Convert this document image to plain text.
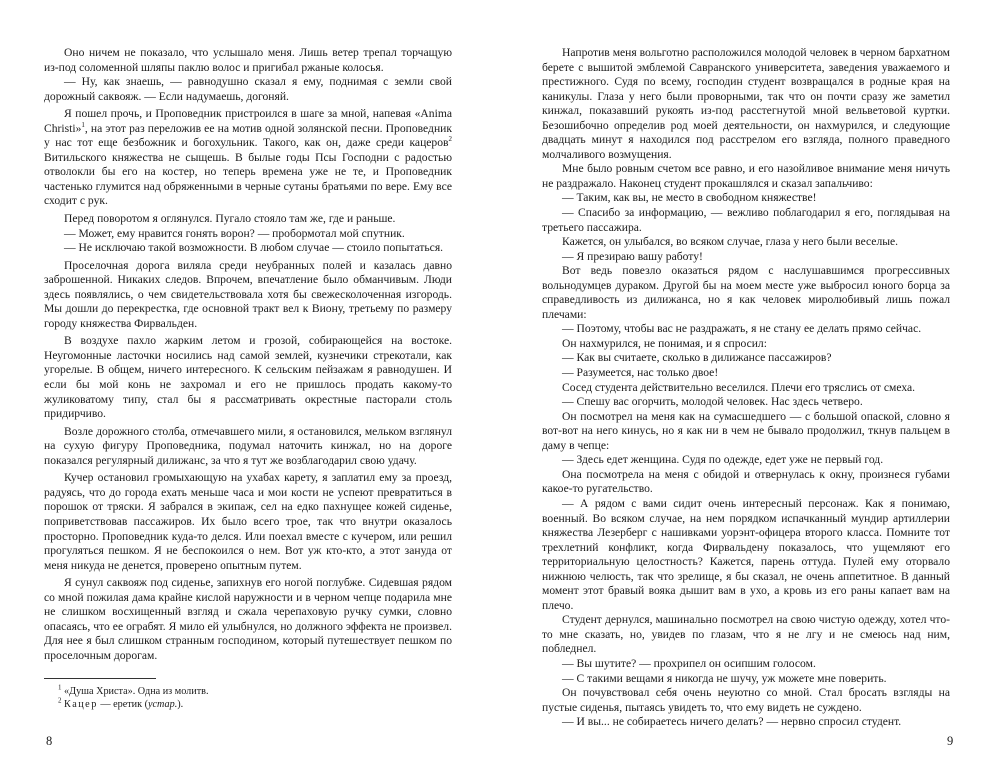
Оно ничем не показало, что услышало меня. Лишь ветер трепал торчащую из-под соломенной шляпы паклю волос и пригибал ржаные колосья.

— Ну, как знаешь, — равнодушно сказал я ему, поднимая с земли свой дорожный саквояж. — Если надумаешь, догоняй.

Я пошел прочь, и Проповедник пристроился в шаге за мной, напевая «Anima Christi»$^1$, на этот раз переложив ее на мотив одной золянской песни. Проповедник у нас тот еще безбожник и богохульник. Такого, как он, даже среди кацеров$^2$ Витильского княжества не сыщешь. В былые годы Псы Господни с радостью отволокли бы его на костер, но теперь времена уже не те, и Проповедник частенько глумится над обряженными в черные сутаны братьями по вере. Ему все сходит с рук.

Перед поворотом я оглянулся. Пугало стояло там же, где и раньше.

— Может, ему нравится гонять ворон? — пробормотал мой спутник.

— Не исключаю такой возможности. В любом случае — стоило попытаться.

Проселочная дорога виляла среди неубранных полей и казалась давно заброшенной. Никаких следов. Впрочем, впечатление было обманчивым. Люди здесь появлялись, о чем свидетельствовала хотя бы свежесколоченная изгородь. Мы дошли до перекрестка, где основной тракт вел к Виону, третьему по размеру городу княжества Фирвальден.

В воздухе пахло жарким летом и грозой, собирающейся на востоке. Неугомонные ласточки носились над самой землей, кузнечики стрекотали, как угорелые. В общем, ничего интересного. К сельским пейзажам я равнодушен. И если бы мой конь не захромал и его не пришлось продать какому-то жуликоватому типу, стал бы я рассматривать окрестные пасторали столь придирчиво.

Возле дорожного столба, отмечавшего мили, я остановился, мельком взглянул на сухую фигуру Проповедника, подумал наточить кинжал, но на дороге показался регулярный дилижанс, за что я тут же возблагодарил свою удачу.

Кучер остановил громыхающую на ухабах карету, я заплатил ему за проезд, радуясь, что до города ехать меньше часа и мои кости не успеют превратиться в порошок от тряски. Я забрался в экипаж, сел на едко пахнущее кожей сиденье, поприветствовав пассажиров. Их было всего трое, так что внутри оказалось просторно. Проповедник куда-то делся. Или поехал вместе с кучером, или решил прогуляться пешком. Я не беспокоился о нем. Вот уж кто-кто, а этот зануда от меня никуда не денется, проверено опытным путем.

Я сунул саквояж под сиденье, запихнув его ногой поглубже. Сидевшая рядом со мной пожилая дама крайне кислой наружности и в черном чепце подарила мне не слишком восхищенный взгляд и сжала черепаховую ручку сумки, словно опасаясь, что ее ограбят. Я мило ей улыбнулся, но должного эффекта не произвел. Для нее я был слишком странным господином, который путешествует пешком по проселочным дорогам.

$^1$ «Душа Христа». Одна из молитв.
$^2$ Кацер — еретик (устар.).
8

Напротив меня вольготно расположился молодой человек в черном бархатном берете с вышитой эмблемой Савранского университета, заведения уважаемого и престижного. Судя по всему, господин студент возвращался в родные края на каникулы. Глаза у него были проворными, так что он почти сразу же заметил кинжал, показавший рукоять из-под расстегнутой мной вельветовой куртки. Безошибочно определив род моей деятельности, он нахмурился, и следующие двадцать минут я находился под расстрелом его взгляда, полного праведного молчаливого возмущения.

Мне было ровным счетом все равно, и его назойливое внимание меня ничуть не раздражало. Наконец студент прокашлялся и сказал запальчиво:

— Таким, как вы, не место в свободном княжестве!

— Спасибо за информацию, — вежливо поблагодарил я его, поглядывая на третьего пассажира.

Кажется, он улыбался, во всяком случае, глаза у него были веселые.

— Я презираю вашу работу!

Вот ведь повезло оказаться рядом с наслушавшимся прогрессивных вольнодумцев дураком. Другой бы на моем месте уже выбросил юного борца за справедливость из дилижанса, но я как человек миролюбивый лишь пожал плечами:

— Поэтому, чтобы вас не раздражать, я не стану ее делать прямо сейчас.

Он нахмурился, не понимая, и я спросил:

— Как вы считаете, сколько в дилижансе пассажиров?

— Разумеется, нас только двое!

Сосед студента действительно веселился. Плечи его тряслись от смеха.

— Спешу вас огорчить, молодой человек. Нас здесь четверо.

Он посмотрел на меня как на сумасшедшего — с большой опаской, словно я вот-вот на него кинусь, но я как ни в чем не бывало продолжил, ткнув пальцем в даму в чепце:

— Здесь едет женщина. Судя по одежде, едет уже не первый год.

Она посмотрела на меня с обидой и отвернулась к окну, произнеся губами какое-то ругательство.

— А рядом с вами сидит очень интересный персонаж. Как я понимаю, военный. Во всяком случае, на нем порядком испачканный мундир артиллерии княжества Лезерберг с нашивками уорэнт-офицера второго класса. Помните тот трехлетний конфликт, когда Фирвальдену показалось, что ущемляют его территориальную целостность? Кажется, парень оттуда. Пулей ему оторвало нижнюю челюсть, так что зрелище, я бы сказал, не очень аппетитное. В данный момент этот бравый вояка дышит вам в ухо, а кровь из его раны капает вам на плечо.

Студент дернулся, машинально посмотрел на свою чистую одежду, хотел что-то мне сказать, но, увидев по глазам, что я не лгу и не смеюсь над ним, побледнел.

— Вы шутите? — прохрипел он осипшим голосом.

— С такими вещами я никогда не шучу, уж можете мне поверить.

Он почувствовал себя очень неуютно со мной. Стал бросать взгляды на пустые сиденья, пытаясь увидеть то, что ему видеть не суждено.

— И вы... не собираетесь ничего делать? — нервно спросил студент.

9
